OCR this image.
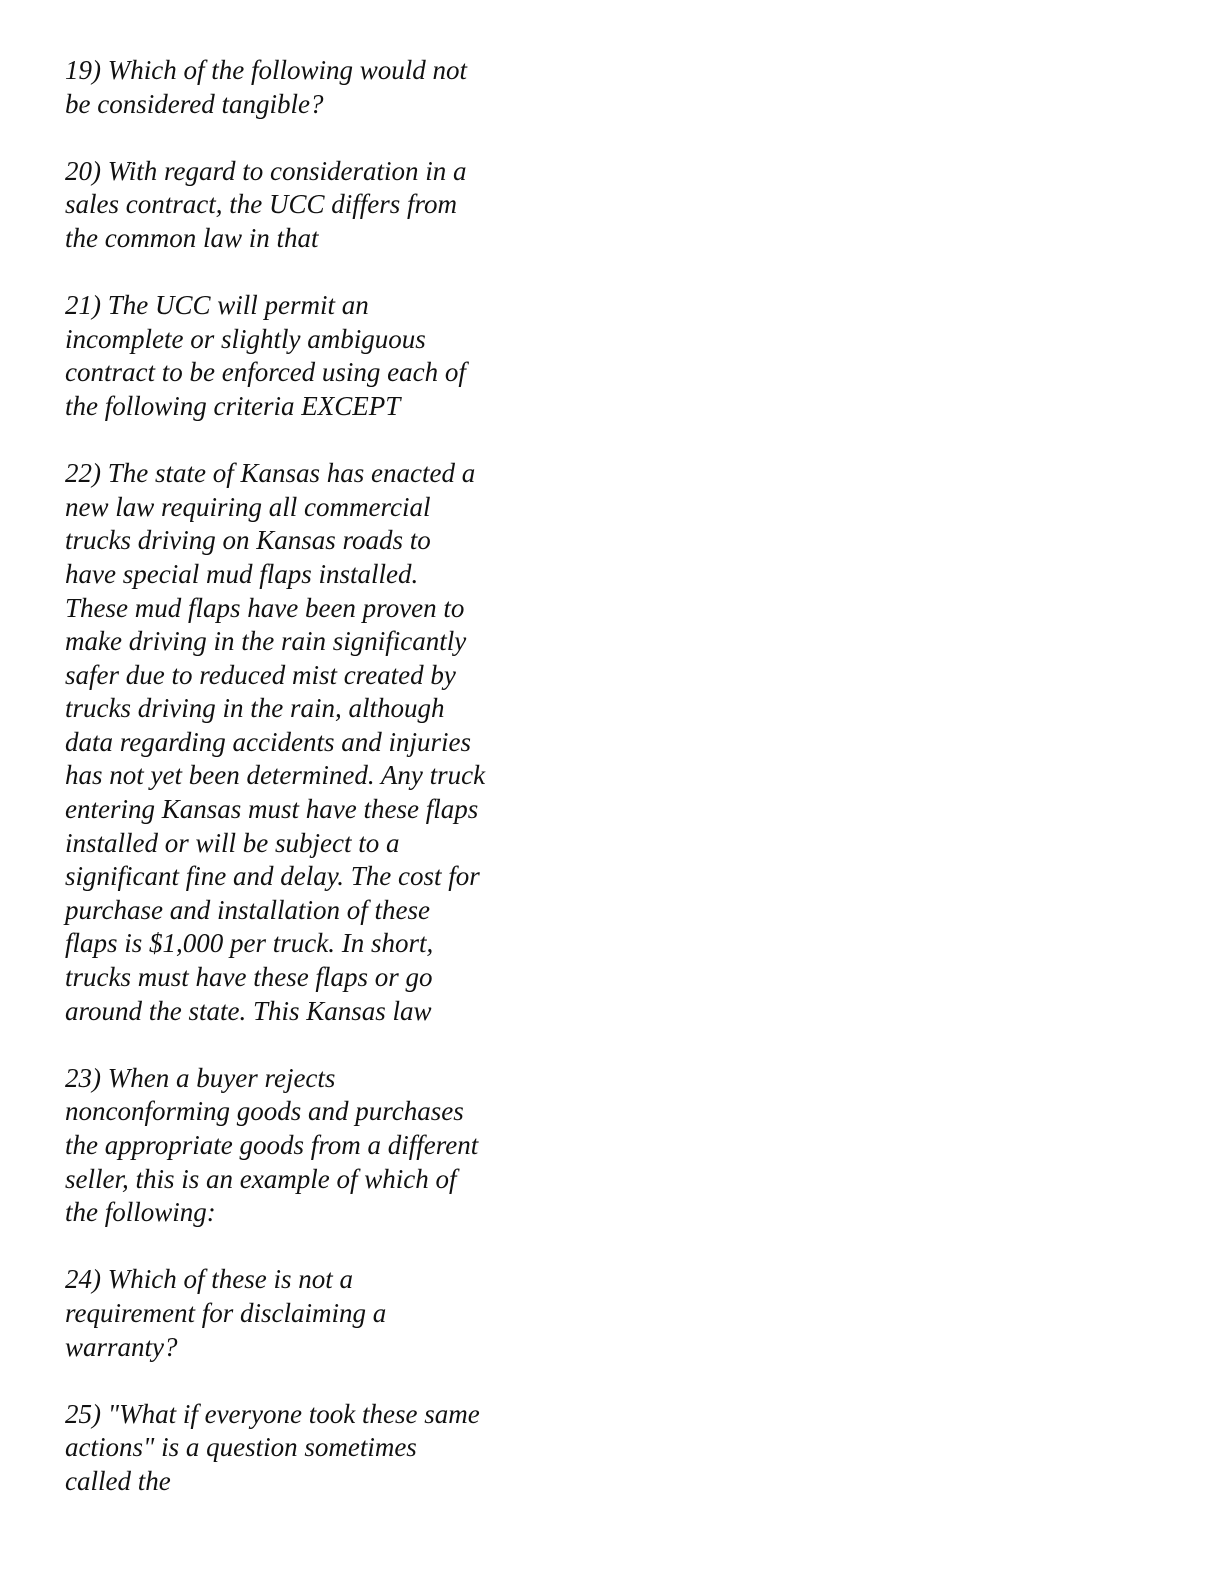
19) Which of the following would not
be considered tangible?

20) With regard to consideration in a
sales contract, the UCC differs from
the common law in that

21) The UCC will permit an
incomplete or slightly ambiguous
contract to be enforced using each of
the following criteria EXCEPT

22) The state of Kansas has enacted a
new law requiring all commercial
trucks driving on Kansas roads to
have special mud flaps installed.
These mud flaps have been proven to
make driving in the rain significantly
safer due to reduced mist created by
trucks driving in the rain, although
data regarding accidents and injuries
has not yet been determined. Any truck
entering Kansas must have these flaps
installed or will be subject to a
significant fine and delay. The cost for
purchase and installation of these
flaps is $1,000 per truck. In short,
trucks must have these flaps or go
around the state. This Kansas law

23) When a buyer rejects
nonconforming goods and purchases
the appropriate goods from a different
seller, this is an example of which of
the following:

24) Which of these is not a
requirement for disclaiming a
warranty?

25) "What if everyone took these same
actions" is a question sometimes
called the
